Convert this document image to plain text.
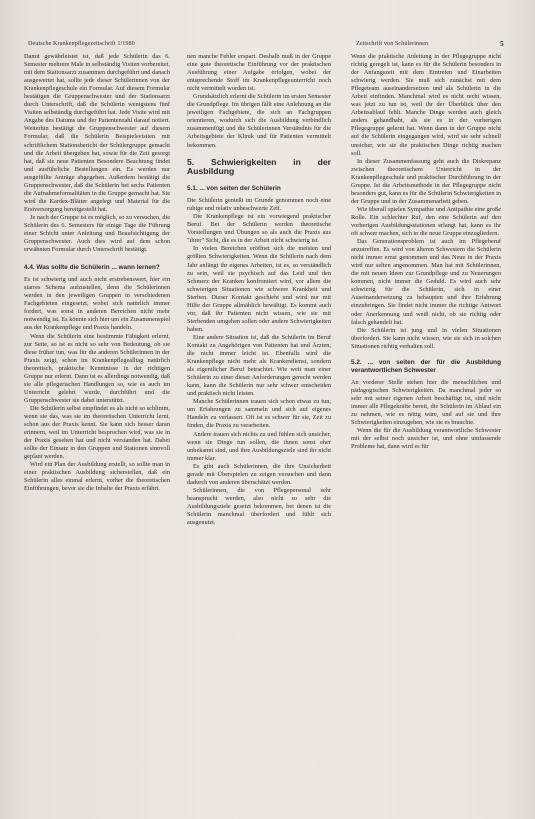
Deutsche Krankenpflegezeitschrift 1/1980	Zeitschrift von Schülerinnen	5

Damit gewährleistet ist, daß jede Schülerin das 6. Semester mehrere Male in selbständig Visiten vorbereitet, mit dem Stationsarzt zusammen durchgeführt und danach ausgewertet hat, sollte jede dieser Schülerinnen von der Krankenpflegeschule ein Formular. Auf diesem Formular bestätigen die Gruppenschwester und der Stationsarzt durch Unterschrift, daß die Schülerin wenigstens fünf Visiten selbständig durchgeführt hat. Jede Visite wird mit Angabe des Datums und der Patientenzahl darauf notiert. Weiterhin bestätigt die Gruppenschwester auf diesem Formular, daß die Schülerin Beispielsvisiten mit schriftlichem Stationsbericht der Schülergruppe gemacht und die Arbeit übergeben hat, sowie für die Zeit gesorgt hat, daß sie neue Patienten Besondere Beachtung findet und ausführliche Bestellungen ein. Es werden nur ausgefüllte Anträge abgegeben. Außerdem bestätigt die Gruppenschwester, daß die Schülerin bei sechs Patienten die Aufnahmeformalitäten in die Gruppe gemacht hat. Sie wird die Kardex-Blätter angelegt und Material für die Erstversorgung bereitgestellt hat.

Je nach der Gruppe ist es möglich, so zu versuchen, die Schülerin des 6. Semesters für einige Tage die Führung einer Schicht unter Anleitung und Beaufsichtigung der Gruppenschwester. Auch dies wird auf dem schon erwähnten Formular durch Unterschrift bestätigt.

4.4. Was sollte die Schülerin ... wann lernen?

Es ist schwierig und auch nicht erstrebenswert, hier ein starres Schema aufzustellen, denn die Schülerinnen werden in den jeweiligen Gruppen in verschiedenen Fachgebieten eingesetzt, wobei sich natürlich immer fordert, was sonst in anderen Bereichen nicht mehr notwendig ist. Es könnte sich hier um ein Zusammenspiel aus der Krankenpflege und Praxis handeln.

Wenn die Schülerin eine bestimmte Fähigkeit erlernt, zur Seite, so ist es nicht so sehr von Bedeutung, ob sie diese früher tun, was für die anderen Schülerinnen in der Praxis zeigt, schon im Krankenpflegealltag natürlich theoretisch, praktische Kenntnisse in der richtigen Gruppe nur erlernt. Dann ist es allerdings notwendig, daß sie alle pflegerischen Handlungen so, wie es auch im Unterricht gelehrt wurde, durchführt und die Gruppenschwester sie dabei unterstützt.

Die Schülerin selbst empfindet es als nicht so schlimm, wenn sie das, was sie im theoretischen Unterricht lernt, schon aus der Praxis kennt. Sie kann sich besser daran erinnern, weil im Unterricht besprochen wird, was sie in der Praxis gesehen hat und nicht verstanden hat. Dabei sollte der Einsatz in den Gruppen und Stationen sinnvoll geplant werden.

Wird ein Plan der Ausbildung erstellt, so sollte man in einer praktischen Ausbildung sicherstellen, daß ein Schülerin alles einmal erlernt, vorher die theoretischen Einführungen, bevor sie die Inhalte der Praxis erfährt.

nen manche Fehler erspart. Deshalb muß in der Gruppe eine gute theoretische Einführung vor der praktischen Ausführung einer Aufgabe erfolgen, wobei der entsprechende Stoff im Krankenpflegeunterricht noch nicht vermittelt worden ist.

Grundsätzlich erlernt die Schülerin im ersten Semester die Grundpflege. Im übrigen fällt eine Anlehnung an die jeweiligen Fachgebiete, die sich an Fachgruppen orientieren, wodurch sich die Ausbildung verbindlich zusammenfügt und die Schülerinnen Verständnis für die Arbeitsgebiete der Klinik und für Patienten vermittelt bekommen.

5. Schwierigkeiten in der Ausbildung
5.1. ... von seiten der Schülerin

Die Schülerin genießt im Grunde genommen noch eine ruhige und relativ unbeschwerte Zeit.

Die Krankenpflege ist ein vorwiegend praktischer Beruf. Bei der Schülerin werden theoretische Vorstellungen und Übungen so als auch die Praxis aus "ihrer" Sicht, die es in der Arbeit nicht schwierig ist.

In vielen Bereichen eröffnet sich die meisten und größten Schwierigkeiten. Wenn die Schülerin nach dem Jahr anfängt ihr eigenes Arbeiten, ist es, so verständlich zu sein, weil sie psychisch auf das Leid und den Schmerz der Kranken konfrontiert wird, vor allem die schwierigen Situationen wie schwere Krankheit und Sterben. Dieser Kontakt geschieht und wird nur mit Hilfe der Gruppe allmählich bewältigt. Es kommt auch vor, daß ihr Patienten nicht wissen, wie sie mit Sterbenden umgehen sollen oder andere Schwierigkeiten haben.

Eine andere Situation ist, daß die Schülerin im Beruf Kontakt zu Angehörigen von Patienten hat und Ärzten, die nicht immer leicht ist. Ebenfalls wird die Krankenpflege nicht mehr als Krankendienst, sondern als eigentlicher Beruf betrachtet. Wie weit man einer Schülerin zu einer dieser Anforderungen gerecht werden kann, kann die Schülerin nur sehr schwer entscheiden und praktisch nicht leisten.

Manche Schülerinnen trauen sich schon etwas zu tun, um Erfahrungen zu sammeln und sich auf eigenes Handeln zu verlassen. Oft ist es schwer für sie, Zeit zu finden, die Praxis zu verarbeiten.

Andere trauen sich nichts zu und fühlen sich unsicher, wenn sie Dinge tun sollen, die ihnen sonst eher unbekannt sind, und ihre Ausbildungsziele sind ihr nicht immer klar.

Es gibt auch Schülerinnen, die ihre Unsicherheit gerade mit Überspielen zu zeigen versuchen und dann dadurch von anderen überschätzt werden.

Schülerinnen, die von Pflegepersonal sehr beansprucht werden, also nicht so sehr die Ausbildungsziele gesetzt bekommen, bei denen ist die Schülerin manchmal überfordert und fühlt sich ausgenutzt.

Wenn die praktische Anleitung in der Pflegegruppe nicht richtig geregelt ist, kann es für die Schülerin besonders in der Anfangszeit mit dem Eintreten und Einarbeiten schwierig werden. Sie muß sich zunächst mit dem Pflegeteam auseinandersetzen und als Schülerin in die Arbeit einfinden. Manchmal wird es nicht recht wissen, was jetzt zu tun ist, weil ihr der Überblick über den Arbeitsablauf fehlt. Manche Dinge werden auch gleich anders gehandhabt, als sie es in der vorherigen Pflegegruppe gelernt hat. Wenn dann in der Gruppe nicht auf die Schülerin eingegangen wird, wird sie sehr schnell unsicher, wie sie die praktischen Dinge richtig machen soll.

In dieser Zusammenfassung geht auch die Diskrepanz zwischen theoretischem Unterricht in der Krankenpflegeschule und praktischer Durchführung in der Gruppe. Ist die Arbeitsmethode in der Pflegegruppe nicht besonders gut, kann es für die Schülerin Schwierigkeiten in der Gruppe und in der Zusammenarbeit geben.

Wie überall spielen Sympathie und Antipathie eine große Rolle. Ein schlechter Ruf, den eine Schülerin auf den vorherigen Ausbildungsstationen erlangt hat, kann es ihr oft schwer machen, sich in die neue Gruppe einzugliedern.

Das Generationsproblem ist auch im Pflegeberuf anzutreffen. Es wird von älteren Schwestern die Schülerin nicht immer ernst genommen und das Neue in der Praxis wird nur selten angenommen. Man hat mit Schülerinnen, die mit neuen Ideen zur Grundpflege und zu Neuerungen kommen, nicht immer die Geduld. Es wird auch sehr schwierig für die Schülerin, sich in einer Auseinandersetzung zu behaupten und ihre Erfahrung einzubringen. Sie findet nicht immer die richtige Antwort oder Anerkennung und weiß nicht, ob sie richtig oder falsch gehandelt hat.

Die Schülerin ist jung und in vielen Situationen überfordert. Sie kann nicht wissen, wie sie sich in solchen Situationen richtig verhalten soll.

5.2. ... von seiten der für die Ausbildung verantwortlichen Schwester

An vorderer Stelle stehen hier die menschlichen und pädagogischen Schwierigkeiten. Da manchmal jeder so sehr mit seiner eigenen Arbeit beschäftigt ist, sind nicht immer alle Pflegekräfte bereit, die Schülerin im Ablauf ein zu nehmen, wie es nötig wäre, und auf sie und ihre Schwierigkeiten einzugehen, wie sie es brauchte.

Wenn die für die Ausbildung verantwortliche Schwester mit der selbst noch unsicher ist, und ohne umfassende Probleme hat, dann wird es für
